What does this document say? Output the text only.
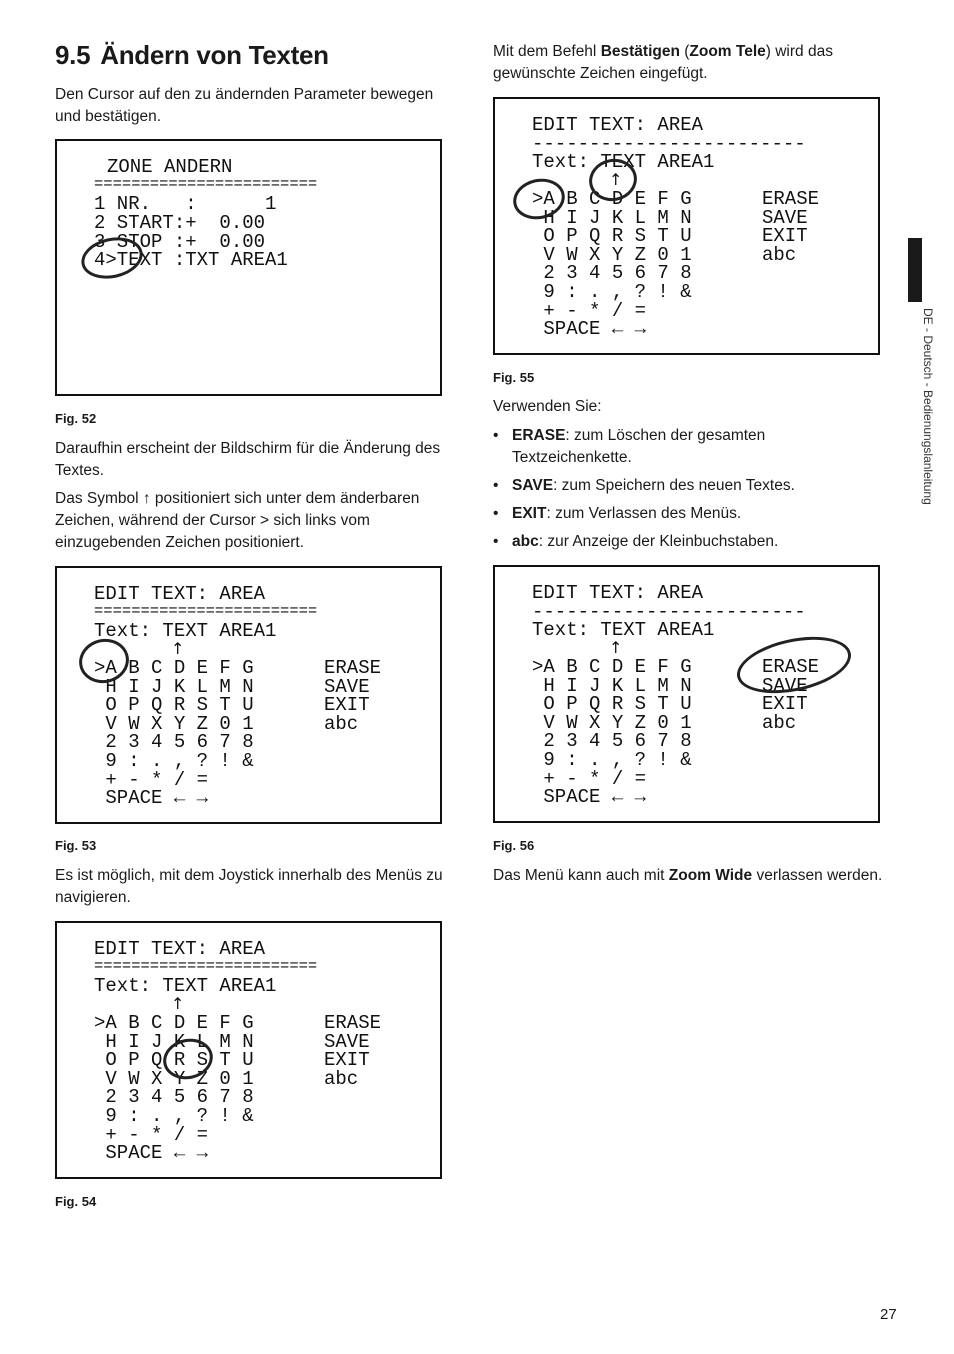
9.5 Ändern von Texten

Den Cursor auf den zu ändernden Parameter bewegen und bestätigen.

ZONE ANDERN
========================
1 NR.   :      1
2 START:+  0.00
3 STOP :+  0.00
4>TEXT :TXT AREA1
Fig. 52

Daraufhin erscheint der Bildschirm für die Änderung des Textes.

Das Symbol ↑ positioniert sich unter dem änderbaren Zeichen, während der Cursor > sich links vom einzugebenden Zeichen positioniert.

EDIT TEXT: AREA
========================
Text: TEXT AREA1
↑
>A B C D E F G
H I J K L M N
O P Q R S T U
V W X Y Z 0 1
2 3 4 5 6 7 8
9 : . , ? ! &
+ - * / =
SPACE ← →
ERASE
SAVE
EXIT
abc
Fig. 53

Es ist möglich, mit dem Joystick innerhalb des Menüs zu navigieren.

EDIT TEXT: AREA
========================
Text: TEXT AREA1
↑
>A B C D E F G
H I J K L M N
O P Q R S T U
V W X Y Z 0 1
2 3 4 5 6 7 8
9 : . , ? ! &
+ - * / =
SPACE ← →
ERASE
SAVE
EXIT
abc
Fig. 54

Mit dem Befehl Bestätigen (Zoom Tele) wird das gewünschte Zeichen eingefügt.

EDIT TEXT: AREA
------------------------
Text: TEXT AREA1
↑
>A B C D E F G
H I J K L M N
O P Q R S T U
V W X Y Z 0 1
2 3 4 5 6 7 8
9 : . , ? ! &
+ - * / =
SPACE ← →
ERASE
SAVE
EXIT
abc
Fig. 55

Verwenden Sie:

• ERASE: zum Löschen der gesamten Textzeichenkette.
• SAVE: zum Speichern des neuen Textes.
• EXIT: zum Verlassen des Menüs.
• abc: zur Anzeige der Kleinbuchstaben.
EDIT TEXT: AREA
------------------------
Text: TEXT AREA1
↑
>A B C D E F G
H I J K L M N
O P Q R S T U
V W X Y Z 0 1
2 3 4 5 6 7 8
9 : . , ? ! &
+ - * / =
SPACE ← →
ERASE
SAVE
EXIT
abc
Fig. 56

Das Menü kann auch mit Zoom Wide verlassen werden.

DE - Deutsch - Bedienungslanleitung
27
